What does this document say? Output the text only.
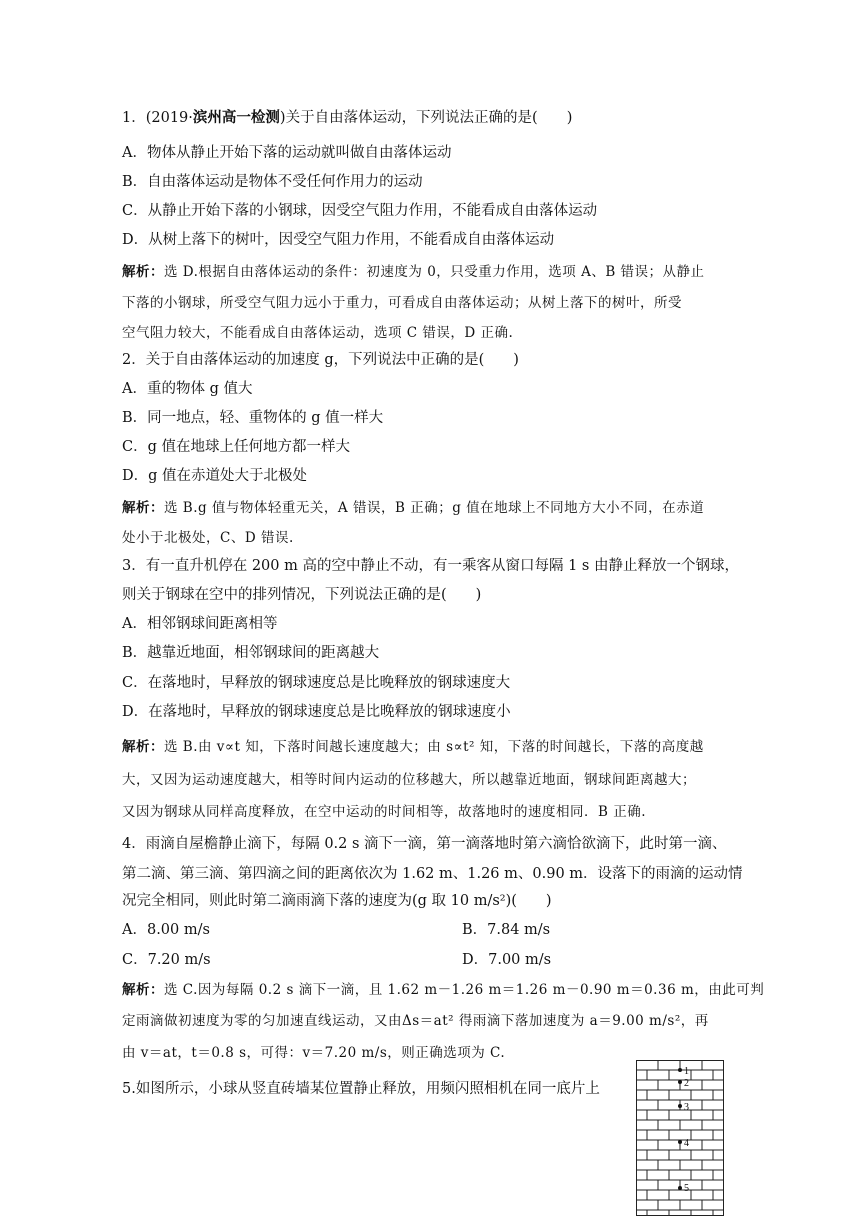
1．(2019·滨州高一检测)关于自由落体运动，下列说法正确的是(　　)
A．物体从静止开始下落的运动就叫做自由落体运动
B．自由落体运动是物体不受任何作用力的运动
C．从静止开始下落的小钢球，因受空气阻力作用，不能看成自由落体运动
D．从树上落下的树叶，因受空气阻力作用，不能看成自由落体运动
解析：选 D.根据自由落体运动的条件：初速度为 0，只受重力作用，选项 A、B 错误；从静止
下落的小钢球，所受空气阻力远小于重力，可看成自由落体运动；从树上落下的树叶，所受
空气阻力较大，不能看成自由落体运动，选项 C 错误，D 正确.
2．关于自由落体运动的加速度 g，下列说法中正确的是(　　)
A．重的物体 g 值大
B．同一地点，轻、重物体的 g 值一样大
C．g 值在地球上任何地方都一样大
D．g 值在赤道处大于北极处
解析：选 B.g 值与物体轻重无关，A 错误，B 正确；g 值在地球上不同地方大小不同，在赤道
处小于北极处，C、D 错误.
3．有一直升机停在 200 m 高的空中静止不动，有一乘客从窗口每隔 1 s 由静止释放一个钢球，
则关于钢球在空中的排列情况，下列说法正确的是(　　)
A．相邻钢球间距离相等
B．越靠近地面，相邻钢球间的距离越大
C．在落地时，早释放的钢球速度总是比晚释放的钢球速度大
D．在落地时，早释放的钢球速度总是比晚释放的钢球速度小
解析：选 B.由 v∝t 知，下落时间越长速度越大；由 s∝t² 知，下落的时间越长，下落的高度越
大，又因为运动速度越大，相等时间内运动的位移越大，所以越靠近地面，钢球间距离越大；
又因为钢球从同样高度释放，在空中运动的时间相等，故落地时的速度相同．B 正确.
4．雨滴自屋檐静止滴下，每隔 0.2 s 滴下一滴，第一滴落地时第六滴恰欲滴下，此时第一滴、
第二滴、第三滴、第四滴之间的距离依次为 1.62 m、1.26 m、0.90 m．设落下的雨滴的运动情
况完全相同，则此时第二滴雨滴下落的速度为(g 取 10 m/s²)(　　)
A．8.00 m/s	B．7.84 m/s
C．7.20 m/s	D．7.00 m/s
解析：选 C.因为每隔 0.2 s 滴下一滴，且 1.62 m－1.26 m＝1.26 m－0.90 m＝0.36 m，由此可判
定雨滴做初速度为零的匀加速直线运动，又由Δs＝at² 得雨滴下落加速度为 a＝9.00 m/s²，再
由 v＝at，t＝0.8 s，可得：v＝7.20 m/s，则正确选项为 C.
5.如图所示，小球从竖直砖墙某位置静止释放，用频闪照相机在同一底片上
1
2
3
4
5
